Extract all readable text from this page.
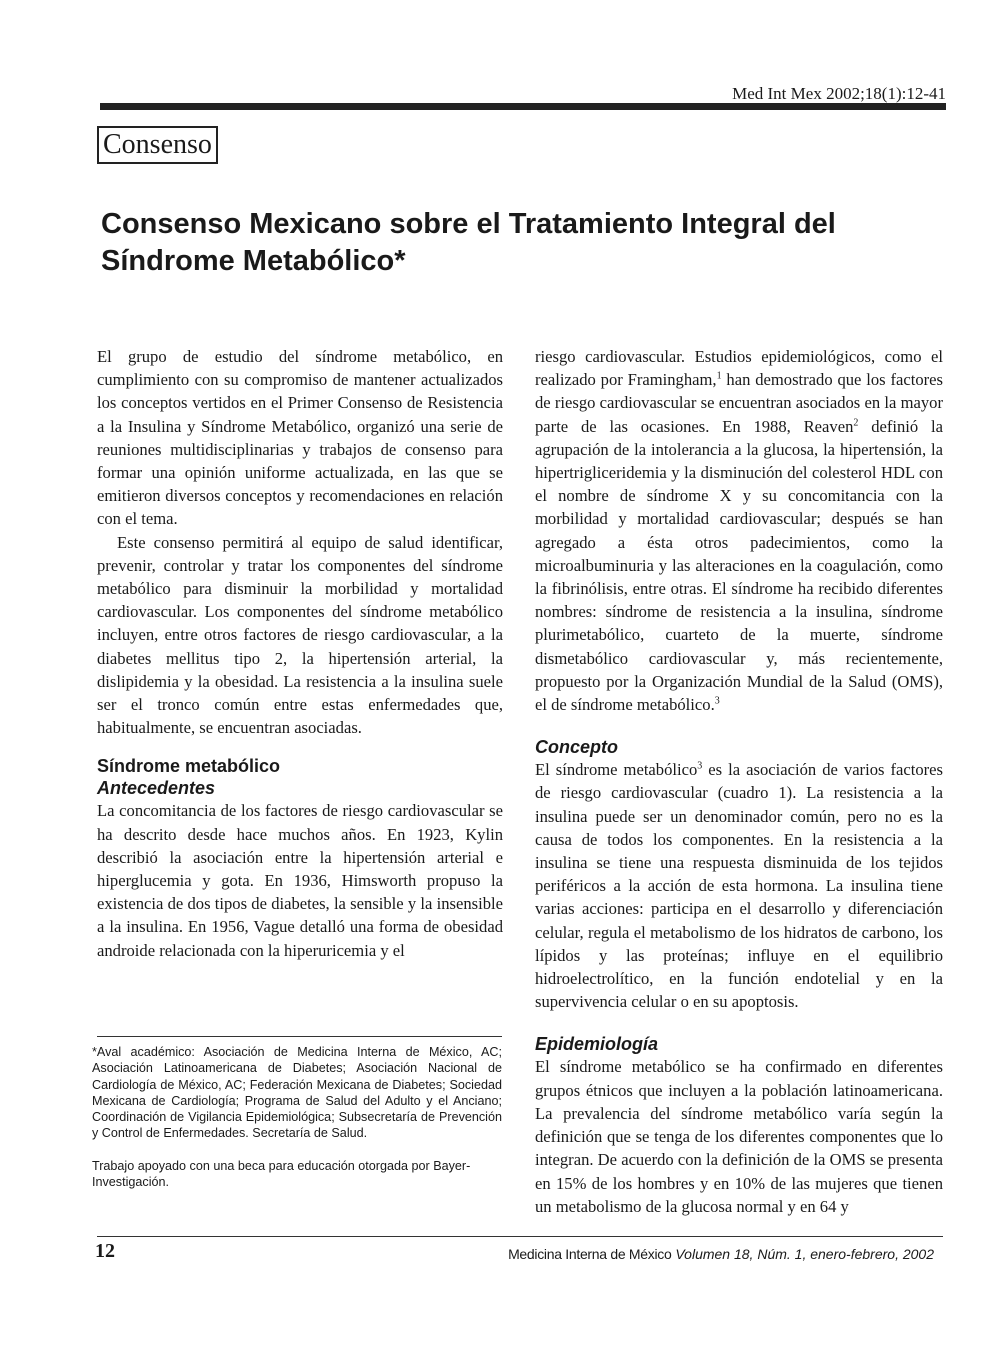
Med Int Mex 2002;18(1):12-41
Consenso
Consenso Mexicano sobre el Tratamiento Integral del Síndrome Metabólico*

El grupo de estudio del síndrome metabólico, en cumplimiento con su compromiso de mantener actualizados los conceptos vertidos en el Primer Consenso de Resistencia a la Insulina y Síndrome Metabólico, organizó una serie de reuniones multidisciplinarias y trabajos de consenso para formar una opinión uniforme actualizada, en las que se emitieron diversos conceptos y recomendaciones en relación con el tema.

Este consenso permitirá al equipo de salud identificar, prevenir, controlar y tratar los componentes del síndrome metabólico para disminuir la morbilidad y mortalidad cardiovascular. Los componentes del síndrome metabólico incluyen, entre otros factores de riesgo cardiovascular, a la diabetes mellitus tipo 2, la hipertensión arterial, la dislipidemia y la obesidad. La resistencia a la insulina suele ser el tronco común entre estas enfermedades que, habitualmente, se encuentran asociadas.

Síndrome metabólico
Antecedentes

La concomitancia de los factores de riesgo cardiovascular se ha descrito desde hace muchos años. En 1923, Kylin describió la asociación entre la hipertensión arterial e hiperglucemia y gota. En 1936, Himsworth propuso la existencia de dos tipos de diabetes, la sensible y la insensible a la insulina. En 1956, Vague detalló una forma de obesidad androide relacionada con la hiperuricemia y el

riesgo cardiovascular. Estudios epidemiológicos, como el realizado por Framingham,$^1$ han demostrado que los factores de riesgo cardiovascular se encuentran asociados en la mayor parte de las ocasiones. En 1988, Reaven$^2$ definió la agrupación de la intolerancia a la glucosa, la hipertensión, la hipertrigliceridemia y la disminución del colesterol HDL con el nombre de síndrome X y su concomitancia con la morbilidad y mortalidad cardiovascular; después se han agregado a ésta otros padecimientos, como la microalbuminuria y las alteraciones en la coagulación, como la fibrinólisis, entre otras. El síndrome ha recibido diferentes nombres: síndrome de resistencia a la insulina, síndrome plurimetabólico, cuarteto de la muerte, síndrome dismetabólico cardiovascular y, más recientemente, propuesto por la Organización Mundial de la Salud (OMS), el de síndrome metabólico.$^3$

Concepto

El síndrome metabólico$^3$ es la asociación de varios factores de riesgo cardiovascular (cuadro 1). La resistencia a la insulina puede ser un denominador común, pero no es la causa de todos los componentes. En la resistencia a la insulina se tiene una respuesta disminuida de los tejidos periféricos a la acción de esta hormona. La insulina tiene varias acciones: participa en el desarrollo y diferenciación celular, regula el metabolismo de los hidratos de carbono, los lípidos y las proteínas; influye en el equilibrio hidroelectrolítico, en la función endotelial y en la supervivencia celular o en su apoptosis.

Epidemiología

El síndrome metabólico se ha confirmado en diferentes grupos étnicos que incluyen a la población latinoamericana. La prevalencia del síndrome metabólico varía según la definición que se tenga de los diferentes componentes que lo integran. De acuerdo con la definición de la OMS se presenta en 15% de los hombres y en 10% de las mujeres que tienen un metabolismo de la glucosa normal y en 64 y

*Aval académico: Asociación de Medicina Interna de México, AC; Asociación Latinoamericana de Diabetes; Asociación Nacional de Cardiología de México, AC; Federación Mexicana de Diabetes; Sociedad Mexicana de Cardiología; Programa de Salud del Adulto y el Anciano; Coordinación de Vigilancia Epidemiológica; Subsecretaría de Prevención y Control de Enfermedades. Secretaría de Salud.

Trabajo apoyado con una beca para educación otorgada por Bayer-Investigación.

12	Medicina Interna de México Volumen 18, Núm. 1, enero-febrero, 2002
